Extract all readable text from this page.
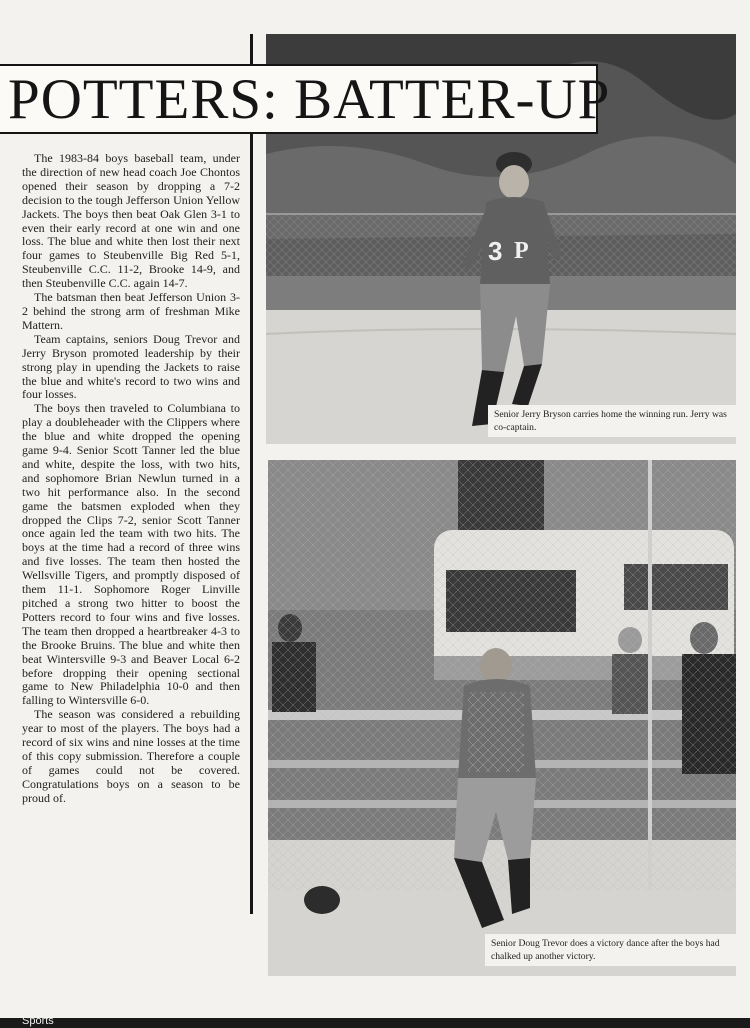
3 P
Senior Jerry Bryson carries home the winning run. Jerry was co-captain.
Senior Doug Trevor does a victory dance after the boys had chalked up another victory.
POTTERS: BATTER-UP

The 1983-84 boys baseball team, under the direction of new head coach Joe Chontos opened their season by dropping a 7-2 decision to the tough Jefferson Union Yellow Jackets. The boys then beat Oak Glen 3-1 to even their early record at one win and one loss. The blue and white then lost their next four games to Steubenville Big Red 5-1, Steubenville C.C. 11-2, Brooke 14-9, and then Steubenville C.C. again 14-7.

The batsman then beat Jefferson Union 3-2 behind the strong arm of freshman Mike Mattern.

Team captains, seniors Doug Trevor and Jerry Bryson promoted leadership by their strong play in upending the Jackets to raise the blue and white's record to two wins and four losses.

The boys then traveled to Columbiana to play a doubleheader with the Clippers where the blue and white dropped the opening game 9-4. Senior Scott Tanner led the blue and white, despite the loss, with two hits, and sophomore Brian Newlun turned in a two hit performance also. In the second game the batsmen exploded when they dropped the Clips 7-2, senior Scott Tanner once again led the team with two hits. The boys at the time had a record of three wins and five losses. The team then hosted the Wellsville Tigers, and promptly disposed of them 11-1. Sophomore Roger Linville pitched a strong two hitter to boost the Potters record to four wins and five losses. The team then dropped a heartbreaker 4-3 to the Brooke Bruins. The blue and white then beat Wintersville 9-3 and Beaver Local 6-2 before dropping their opening sectional game to New Philadelphia 10-0 and then falling to Wintersville 6-0.

The season was considered a rebuilding year to most of the players. The boys had a record of six wins and nine losses at the time of this copy submission. Therefore a couple of games could not be covered. Congratulations boys on a season to be proud of.

Sports
